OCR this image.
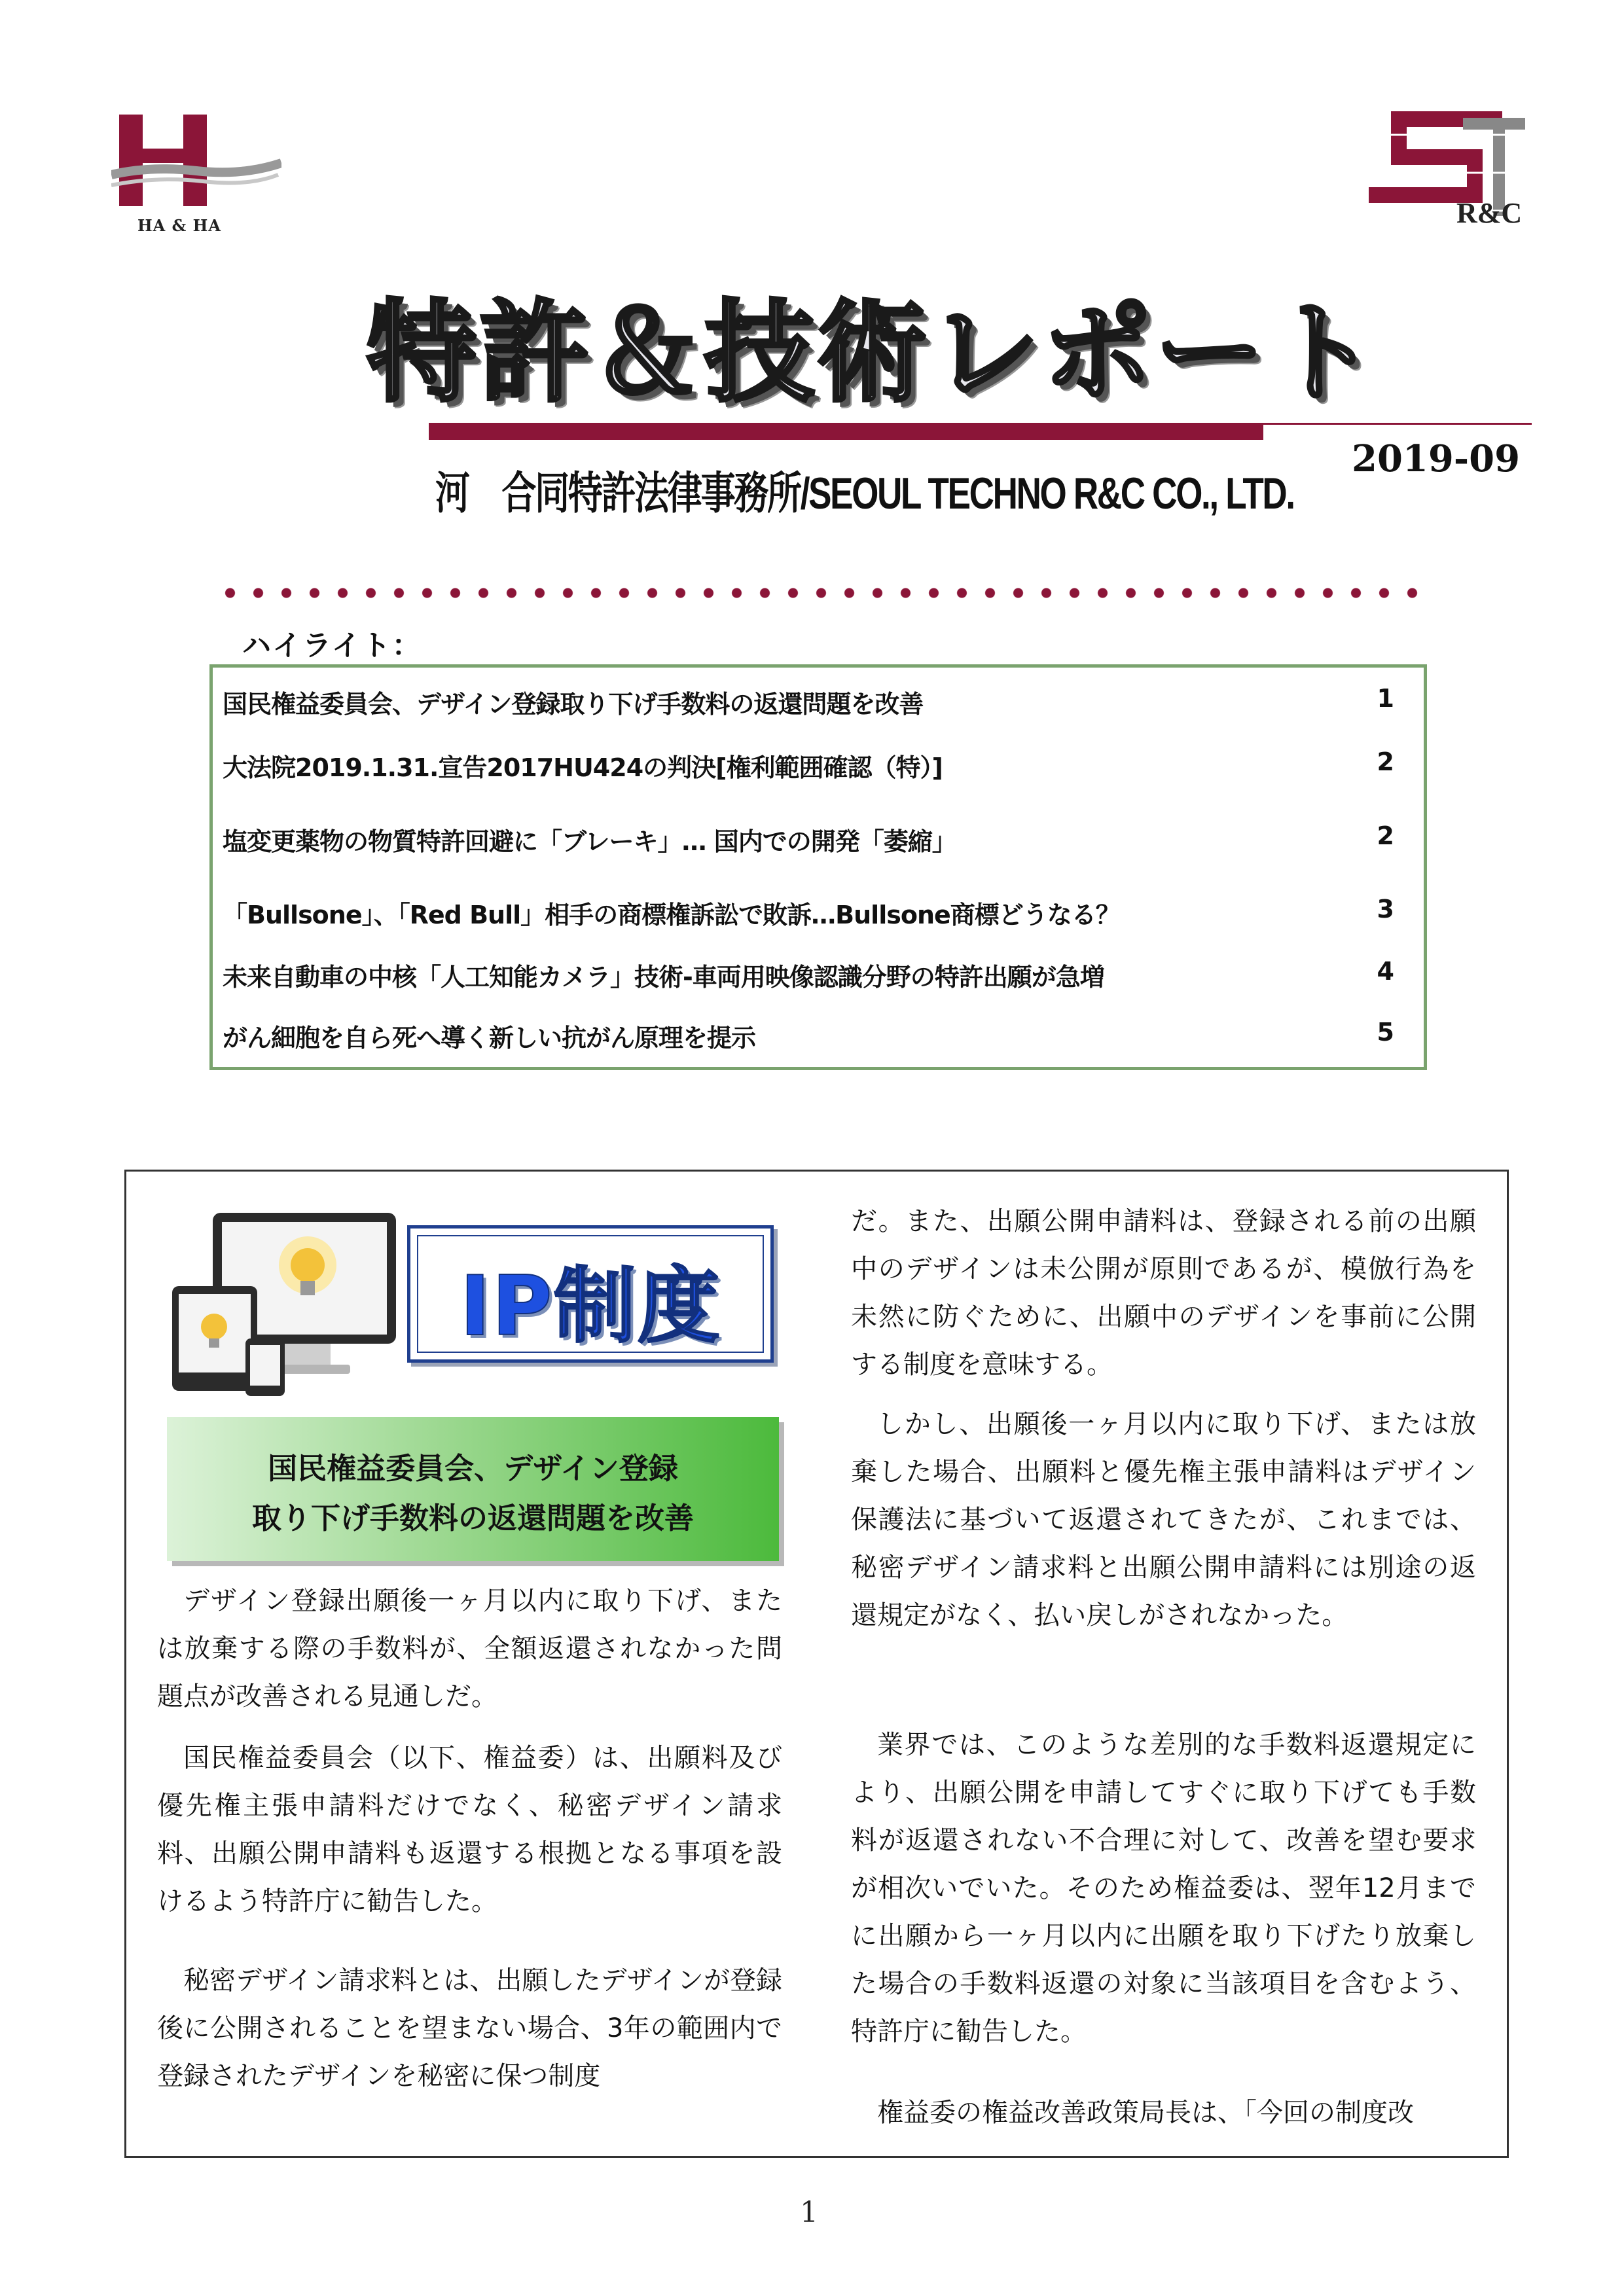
HA & HA	R&C
特許＆技術レポート
河　合同特許法律事務所/SEOUL TECHNO R&C CO., LTD.
2019-09
ハイライト：
国民権益委員会、デザイン登録取り下げ手数料の返還問題を改善	1
大法院2019.1.31.宣告2017HU424の判決[権利範囲確認（特）]	2
塩変更薬物の物質特許回避に「ブレーキ」… 国内での開発「萎縮」	2
「Bullsone」、「Red Bull」相手の商標権訴訟で敗訴…Bullsone商標どうなる？	3
未来自動車の中核「人工知能カメラ」技術-車両用映像認識分野の特許出願が急増	4
がん細胞を自ら死へ導く新しい抗がん原理を提示	5
IP制度
国民権益委員会、デザイン登録
取り下げ手数料の返還問題を改善
デザイン登録出願後一ヶ月以内に取り下げ、または放棄する際の手数料が、全額返還されなかった問題点が改善される見通しだ。
国民権益委員会（以下、権益委）は、出願料及び優先権主張申請料だけでなく、秘密デザイン請求料、出願公開申請料も返還する根拠となる事項を設けるよう特許庁に勧告した。
秘密デザイン請求料とは、出願したデザインが登録後に公開されることを望まない場合、3年の範囲内で登録されたデザインを秘密に保つ制度
だ。また、出願公開申請料は、登録される前の出願中のデザインは未公開が原則であるが、模倣行為を未然に防ぐために、出願中のデザインを事前に公開する制度を意味する。
しかし、出願後一ヶ月以内に取り下げ、または放棄した場合、出願料と優先権主張申請料はデザイン保護法に基づいて返還されてきたが、これまでは、秘密デザイン請求料と出願公開申請料には別途の返還規定がなく、払い戻しがされなかった。
業界では、このような差別的な手数料返還規定により、出願公開を申請してすぐに取り下げても手数料が返還されない不合理に対して、改善を望む要求が相次いでいた。そのため権益委は、翌年12月までに出願から一ヶ月以内に出願を取り下げたり放棄した場合の手数料返還の対象に当該項目を含むよう、特許庁に勧告した。
権益委の権益改善政策局長は、「今回の制度改
1
